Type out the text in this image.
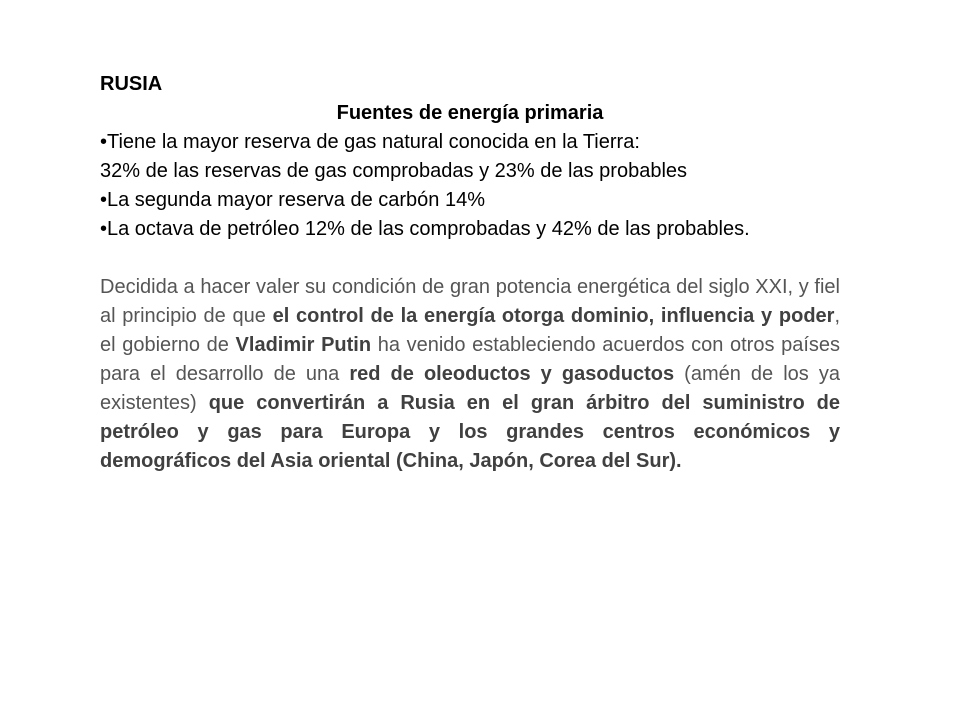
RUSIA
Fuentes de energía primaria
•Tiene la mayor reserva de gas natural conocida en la Tierra:
32% de las reservas de gas comprobadas y 23% de las probables
•La segunda mayor reserva de carbón 14%
•La octava de petróleo 12% de las comprobadas y 42% de las probables.
Decidida a hacer valer su condición de gran potencia energética del siglo XXI, y fiel al principio de que el control de la energía otorga dominio, influencia y poder, el gobierno de Vladimir Putin ha venido estableciendo acuerdos con otros países para el desarrollo de una red de oleoductos y gasoductos (amén de los ya existentes) que convertirán a Rusia en el gran árbitro del suministro de petróleo y gas para Europa y los grandes centros económicos y demográficos del Asia oriental (China, Japón, Corea del Sur).
